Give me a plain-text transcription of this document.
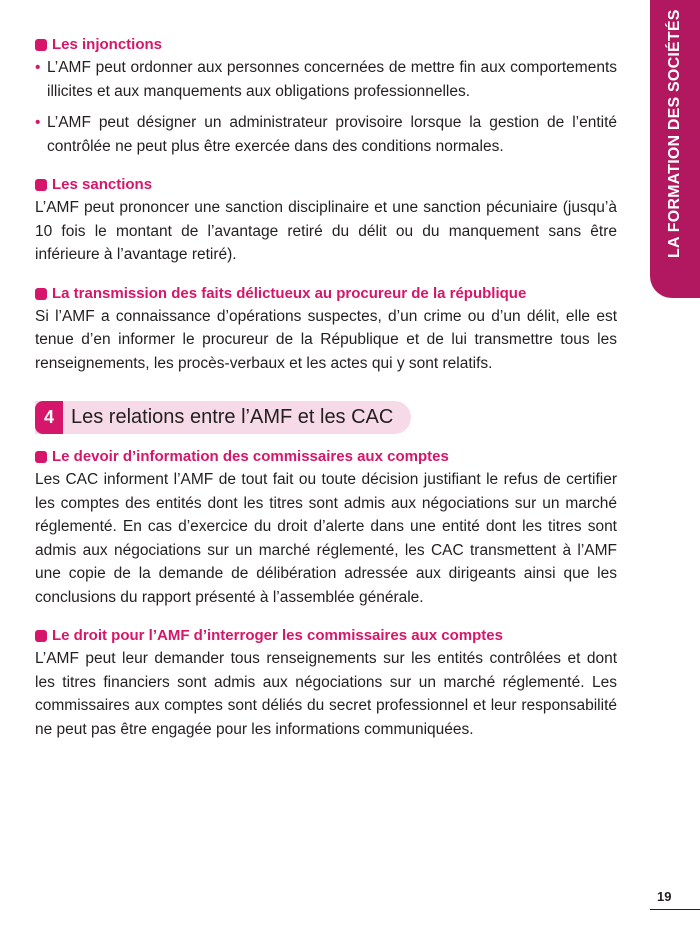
LA FORMATION DES SOCIÉTÉS
Les injonctions
• L’AMF peut ordonner aux personnes concernées de mettre fin aux comportements illicites et aux manquements aux obligations professionnelles.
• L’AMF peut désigner un administrateur provisoire lorsque la gestion de l’entité contrôlée ne peut plus être exercée dans des conditions normales.
Les sanctions

L’AMF peut prononcer une sanction disciplinaire et une sanction pécuniaire (jusqu’à 10 fois le montant de l’avantage retiré du délit ou du manquement sans être inférieure à l’avantage retiré).

La transmission des faits délictueux au procureur de la république

Si l’AMF a connaissance d’opérations suspectes, d’un crime ou d’un délit, elle est tenue d’en informer le procureur de la République et de lui transmettre tous les renseignements, les procès-verbaux et les actes qui y sont relatifs.

4 Les relations entre l’AMF et les CAC
Le devoir d’information des commissaires aux comptes

Les CAC informent l’AMF de tout fait ou toute décision justifiant le refus de certifier les comptes des entités dont les titres sont admis aux négociations sur un marché réglementé. En cas d’exercice du droit d’alerte dans une entité dont les titres sont admis aux négociations sur un marché réglementé, les CAC transmettent à l’AMF une copie de la demande de délibération adressée aux dirigeants ainsi que les conclusions du rapport présenté à l’assemblée générale.

Le droit pour l’AMF d’interroger les commissaires aux comptes

L’AMF peut leur demander tous renseignements sur les entités contrôlées et dont les titres financiers sont admis aux négociations sur un marché réglementé. Les commissaires aux comptes sont déliés du secret professionnel et leur responsabilité ne peut pas être engagée pour les informations communiquées.

19
